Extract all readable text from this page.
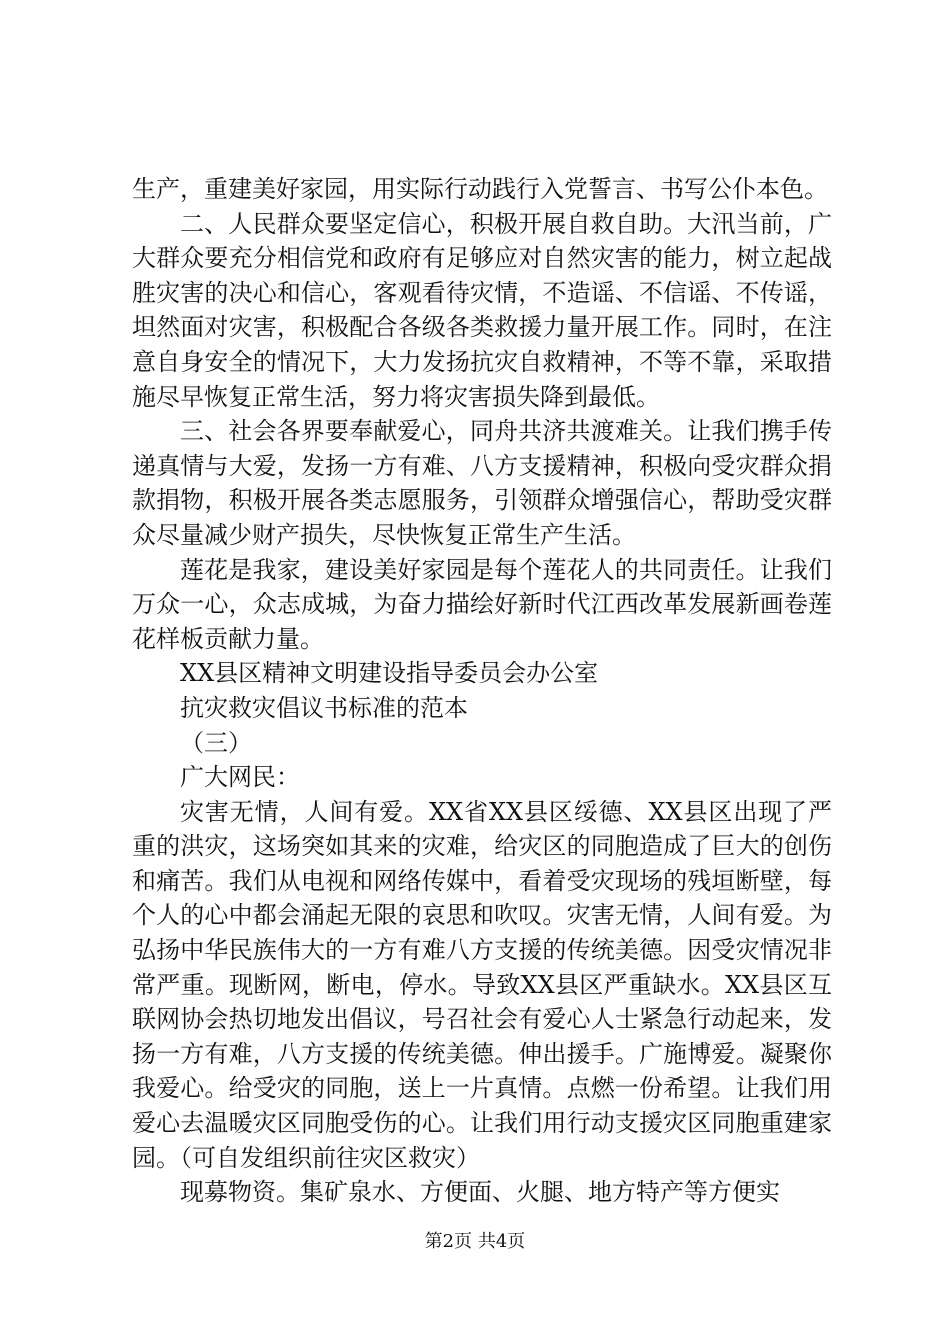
生产，重建美好家园，用实际行动践行入党誓言、书写公仆本色。

二、人民群众要坚定信心，积极开展自救自助。大汛当前，广大群众要充分相信党和政府有足够应对自然灾害的能力，树立起战胜灾害的决心和信心，客观看待灾情，不造谣、不信谣、不传谣，坦然面对灾害，积极配合各级各类救援力量开展工作。同时，在注意自身安全的情况下，大力发扬抗灾自救精神，不等不靠，采取措施尽早恢复正常生活，努力将灾害损失降到最低。

三、社会各界要奉献爱心，同舟共济共渡难关。让我们携手传递真情与大爱，发扬一方有难、八方支援精神，积极向受灾群众捐款捐物，积极开展各类志愿服务，引领群众增强信心，帮助受灾群众尽量减少财产损失，尽快恢复正常生产生活。

莲花是我家，建设美好家园是每个莲花人的共同责任。让我们万众一心，众志成城，为奋力描绘好新时代江西改革发展新画卷莲花样板贡献力量。

XX县区精神文明建设指导委员会办公室

抗灾救灾倡议书标准的范本

（三）

广大网民：

灾害无情，人间有爱。XX省XX县区绥德、XX县区出现了严重的洪灾，这场突如其来的灾难，给灾区的同胞造成了巨大的创伤和痛苦。我们从电视和网络传媒中，看着受灾现场的残垣断壁，每个人的心中都会涌起无限的哀思和吹叹。灾害无情，人间有爱。为弘扬中华民族伟大的一方有难八方支援的传统美德。因受灾情况非常严重。现断网，断电，停水。导致XX县区严重缺水。XX县区互联网协会热切地发出倡议，号召社会有爱心人士紧急行动起来，发扬一方有难，八方支援的传统美德。伸出援手。广施博爱。凝聚你我爱心。给受灾的同胞，送上一片真情。点燃一份希望。让我们用爱心去温暖灾区同胞受伤的心。让我们用行动支援灾区同胞重建家园。（可自发组织前往灾区救灾）

现募物资。集矿泉水、方便面、火腿、地方特产等方便实

第2页 共4页
